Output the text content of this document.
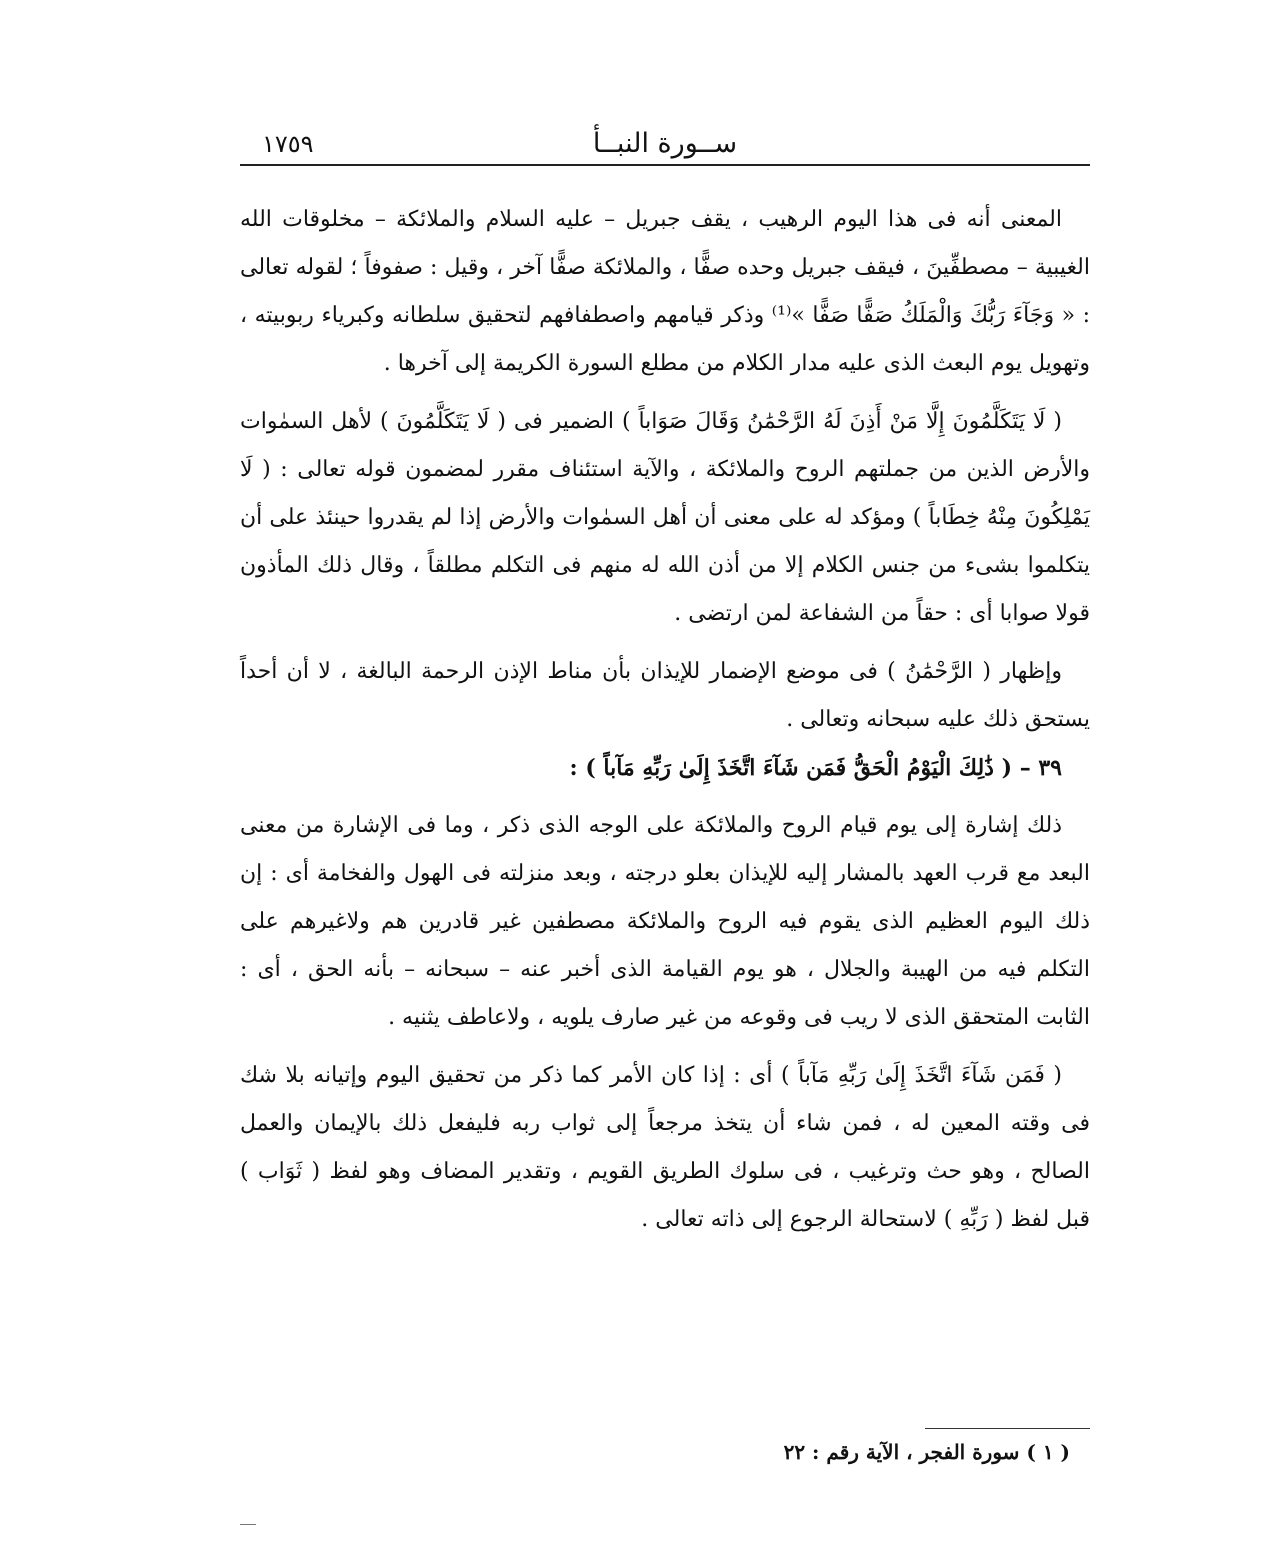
ســورة النبــأ
١٧٥٩

المعنى أنه فى هذا اليوم الرهيب ، يقف جبريل – عليه السلام والملائكة – مخلوقات الله الغيبية – مصطفِّينَ ، فيقف جبريل وحده صفًّا ، والملائكة صفًّا آخر ، وقيل : صفوفاً ؛ لقوله تعالى : « وَجَآءَ رَبُّكَ وَالْمَلَكُ صَفًّا صَفًّا »⁽¹⁾ وذكر قيامهم واصطفافهم لتحقيق سلطانه وكبرياء ربوبيته ، وتهويل يوم البعث الذى عليه مدار الكلام من مطلع السورة الكريمة إلى آخرها .

( لَا يَتَكَلَّمُونَ إِلَّا مَنْ أَذِنَ لَهُ الرَّحْمَٰنُ وَقَالَ صَوَاباً ) الضمير فى ( لَا يَتَكَلَّمُونَ ) لأهل السمٰوات والأرض الذين من جملتهم الروح والملائكة ، والآية استئناف مقرر لمضمون قوله تعالى : ( لَا يَمْلِكُونَ مِنْهُ خِطَاباً ) ومؤكد له على معنى أن أهل السمٰوات والأرض إذا لم يقدروا حينئذ على أن يتكلموا بشىء من جنس الكلام إلا من أذن الله له منهم فى التكلم مطلقاً ، وقال ذلك المأذون قولا صوابا أى : حقاً من الشفاعة لمن ارتضى .

وإظهار ( الرَّحْمَٰنُ ) فى موضع الإضمار للإيذان بأن مناط الإذن الرحمة البالغة ، لا أن أحداً يستحق ذلك عليه سبحانه وتعالى .

٣٩ – ( ذَٰلِكَ الْيَوْمُ الْحَقُّ فَمَن شَآءَ اتَّخَذَ إِلَىٰ رَبِّهِ مَآباً ) :

ذلك إشارة إلى يوم قيام الروح والملائكة على الوجه الذى ذكر ، وما فى الإشارة من معنى البعد مع قرب العهد بالمشار إليه للإيذان بعلو درجته ، وبعد منزلته فى الهول والفخامة أى : إن ذلك اليوم العظيم الذى يقوم فيه الروح والملائكة مصطفين غير قادرين هم ولاغيرهم على التكلم فيه من الهيبة والجلال ، هو يوم القيامة الذى أخبر عنه – سبحانه – بأنه الحق ، أى : الثابت المتحقق الذى لا ريب فى وقوعه من غير صارف يلويه ، ولاعاطف يثنيه .

( فَمَن شَآءَ اتَّخَذَ إِلَىٰ رَبِّهِ مَآباً ) أى : إذا كان الأمر كما ذكر من تحقيق اليوم وإتيانه بلا شك فى وقته المعين له ، فمن شاء أن يتخذ مرجعاً إلى ثواب ربه فليفعل ذلك بالإيمان والعمل الصالح ، وهو حث وترغيب ، فى سلوك الطريق القويم ، وتقدير المضاف وهو لفظ ( ثَوَاب ) قبل لفظ ( رَبِّهِ ) لاستحالة الرجوع إلى ذاته تعالى .

( ١ ) سورة الفجر ، الآية رقم : ٢٢
